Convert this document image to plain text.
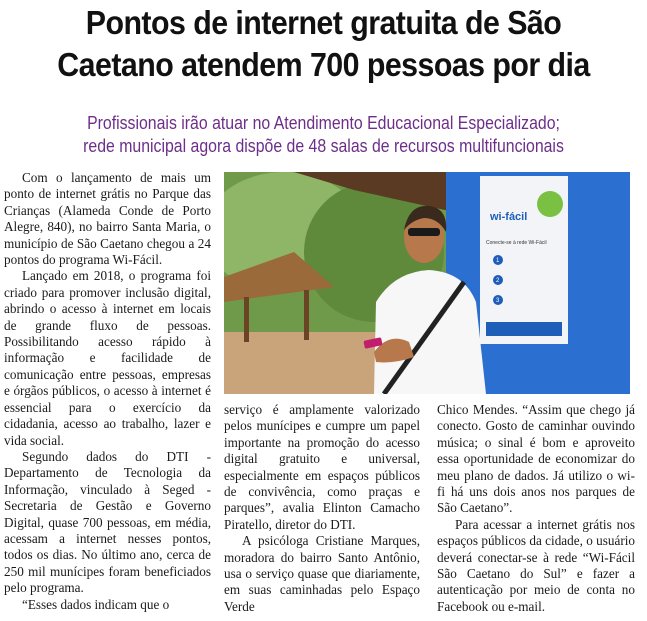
Pontos de internet gratuita de São
Caetano atendem 700 pessoas por dia
Profissionais irão atuar no Atendimento Educacional Especializado;
rede municipal agora dispõe de 48 salas de recursos multifuncionais

Com o lançamento de mais um ponto de internet grátis no Parque das Crianças (Alameda Conde de Porto Alegre, 840), no bairro Santa Maria, o município de São Caetano chegou a 24 pontos do programa Wi-Fácil.

Lançado em 2018, o programa foi criado para promover inclusão digital, abrindo o acesso à internet em locais de grande fluxo de pessoas. Possibilitando acesso rápido à informação e facilidade de comunicação entre pessoas, empresas e órgãos públicos, o acesso à internet é essencial para o exercício da cidadania, acesso ao trabalho, lazer e vida social.

Segundo dados do DTI - Departamento de Tecnologia da Informação, vinculado à Seged - Secretaria de Gestão e Governo Digital, quase 700 pessoas, em média, acessam a internet nesses pontos, todos os dias. No último ano, cerca de 250 mil munícipes foram beneficiados pelo programa.

“Esses dados indicam que o

wi-fácil
Conecte-se à rede Wi-Fácil
1
2
3

serviço é amplamente valorizado pelos munícipes e cumpre um papel importante na promoção do acesso digital gratuito e universal, especialmente em espaços públicos de convivência, como praças e parques”, avalia Elinton Camacho Piratello, diretor do DTI.

A psicóloga Cristiane Marques, moradora do bairro Santo Antônio, usa o serviço quase que diariamente, em suas caminhadas pelo Espaço Verde

Chico Mendes. “Assim que chego já conecto. Gosto de caminhar ouvindo música; o sinal é bom e aproveito essa oportunidade de economizar do meu plano de dados. Já utilizo o wi-fi há uns dois anos nos parques de São Caetano”.

Para acessar a internet grátis nos espaços públicos da cidade, o usuário deverá conectar-se à rede “Wi-Fácil São Caetano do Sul” e fazer a autenticação por meio de conta no Facebook ou e-mail.
